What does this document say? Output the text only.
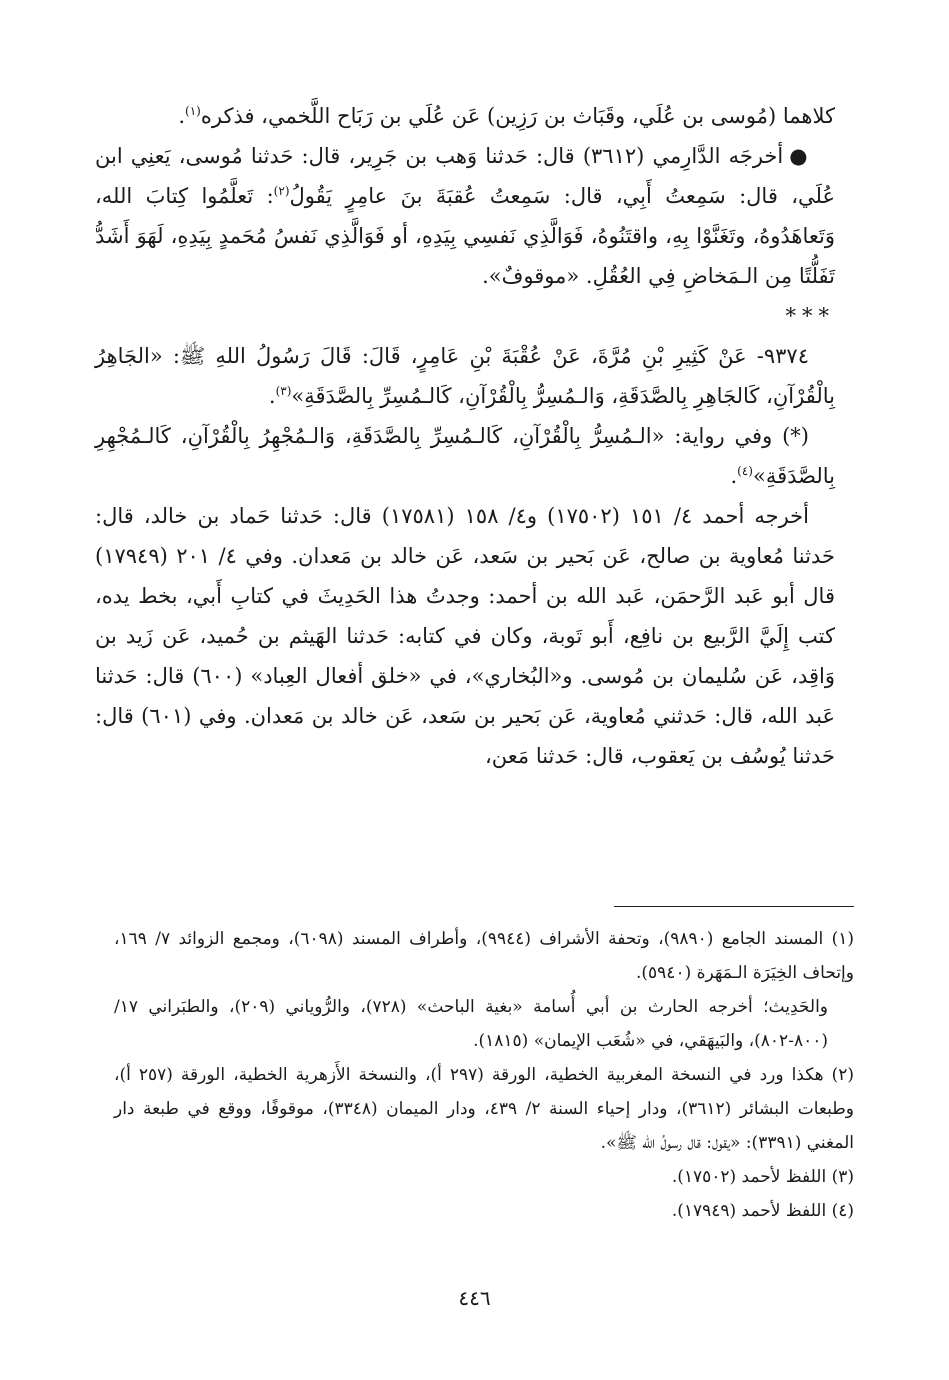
كلاهما (مُوسى بن عُلَي، وقَبَاث بن رَزِين) عَن عُلَي بن رَبَاح اللَّخمي، فذكره$^{(١)}$.

●أخرجَه الدَّارِمي (٣٦١٢) قال: حَدثنا وَهب بن جَرِير، قال: حَدثنا مُوسى، يَعنِي ابن عُلَي، قال: سَمِعتُ أَبِي، قال: سَمِعتُ عُقبَةَ بنَ عامِرٍ يَقُولُ$^{(٢)}$: تَعلَّمُوا كِتابَ الله، وَتَعاهَدُوهُ، وتَغَنَّوْا بِهِ، واقتَنُوهُ، فَوَالَّذِي نَفسِي بِيَدِهِ، أو فَوَالَّذِي نَفسُ مُحَمدٍ بِيَدِهِ، لَهَوَ أَشَدُّ تَفَلُّتًا مِن الـمَخاضِ فِي العُقُلِ. «موقوفٌ».

***

٩٣٧٤- عَنْ كَثِيرِ بْنِ مُرَّةَ، عَنْ عُقْبَةَ بْنِ عَامِرٍ، قَالَ: قَالَ رَسُولُ اللهِ ﷺ: «الجَاهِرُ بِالْقُرْآنِ، كَالجَاهِرِ بِالصَّدَقَةِ، وَالـمُسِرُّ بِالْقُرْآنِ، كَالـمُسِرِّ بِالصَّدَقَةِ»$^{(٣)}$.

(*) وفي رواية: «الـمُسِرُّ بِالْقُرْآنِ، كَالـمُسِرِّ بِالصَّدَقَةِ، وَالـمُجْهِرُ بِالْقُرْآنِ، كَالـمُجْهِرِ بِالصَّدَقَةِ»$^{(٤)}$.

أخرجه أحمد ٤/ ١٥١ (١٧٥٠٢) و٤/ ١٥٨ (١٧٥٨١) قال: حَدثنا حَماد بن خالد، قال: حَدثنا مُعاوية بن صالح، عَن بَحير بن سَعد، عَن خالد بن مَعدان. وفي ٤/ ٢٠١ (١٧٩٤٩) قال أبو عَبد الرَّحمَن، عَبد الله بن أحمد: وجدتُ هذا الحَدِيثَ في كتابِ أَبي، بخط يده، كتب إِلَيَّ الرَّبيع بن نافِع، أَبو تَوبة، وكان في كتابه: حَدثنا الهَيثم بن حُميد، عَن زَيد بن وَاقِد، عَن سُليمان بن مُوسى. و«البُخاري»، في «خلق أفعال العِباد» (٦٠٠) قال: حَدثنا عَبد الله، قال: حَدثني مُعاوية، عَن بَحير بن سَعد، عَن خالد بن مَعدان. وفي (٦٠١) قال: حَدثنا يُوسُف بن يَعقوب، قال: حَدثنا مَعن،

(١) المسند الجامع (٩٨٩٠)، وتحفة الأشراف (٩٩٤٤)، وأطراف المسند (٦٠٩٨)، ومجمع الزوائد ٧/ ١٦٩، وإتحاف الخِيَرَة الـمَهَرة (٥٩٤٠).

والحَدِيث؛ أخرجه الحارث بن أبي أُسامة «بغية الباحث» (٧٢٨)، والرُّوياني (٢٠٩)، والطبَراني ١٧/ (٨٠٠-٨٠٢)، والبَيهَقي، في «شُعَب الإيمان» (١٨١٥).

(٢) هكذا ورد في النسخة المغربية الخطية، الورقة (٢٩٧ أ)، والنسخة الأَزهرية الخطية، الورقة (٢٥٧ أ)، وطبعات البشائر (٣٦١٢)، ودار إحياء السنة ٢/ ٤٣٩، ودار الميمان (٣٣٤٨)، موقوفًا، ووقع في طبعة دار المغني (٣٣٩١): «يقول: قال رسولُ الله ﷺ».

(٣) اللفظ لأحمد (١٧٥٠٢).

(٤) اللفظ لأحمد (١٧٩٤٩).

٤٤٦
